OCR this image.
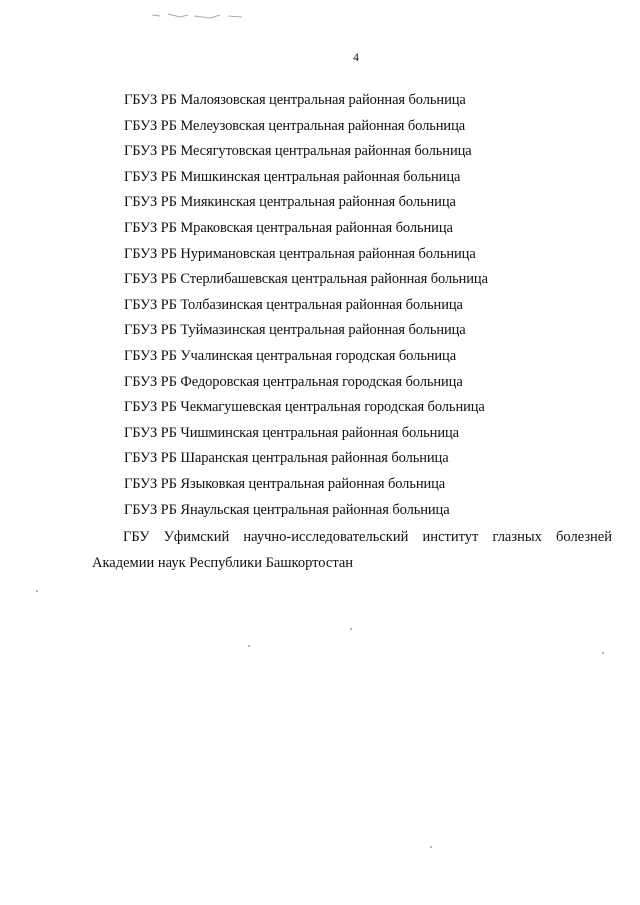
4
ГБУЗ РБ Малоязовская центральная районная больница
ГБУЗ РБ Мелеузовская центральная районная больница
ГБУЗ РБ Месягутовская центральная районная больница
ГБУЗ РБ Мишкинская центральная районная больница
ГБУЗ РБ Миякинская центральная районная больница
ГБУЗ РБ Мраковская центральная районная больница
ГБУЗ РБ Нуримановская центральная районная больница
ГБУЗ РБ Стерлибашевская центральная районная больница
ГБУЗ РБ Толбазинская центральная районная больница
ГБУЗ РБ Туймазинская центральная районная больница
ГБУЗ РБ Учалинская центральная городская больница
ГБУЗ РБ Федоровская центральная городская больница
ГБУЗ РБ Чекмагушевская центральная городская больница
ГБУЗ РБ Чишминская центральная районная больница
ГБУЗ РБ Шаранская центральная районная больница
ГБУЗ РБ Языковкая центральная районная больница
ГБУЗ РБ Янаульская центральная районная больница

ГБУ Уфимский научно-исследовательский институт глазных болезней
Академии наук Республики Башкортостан
